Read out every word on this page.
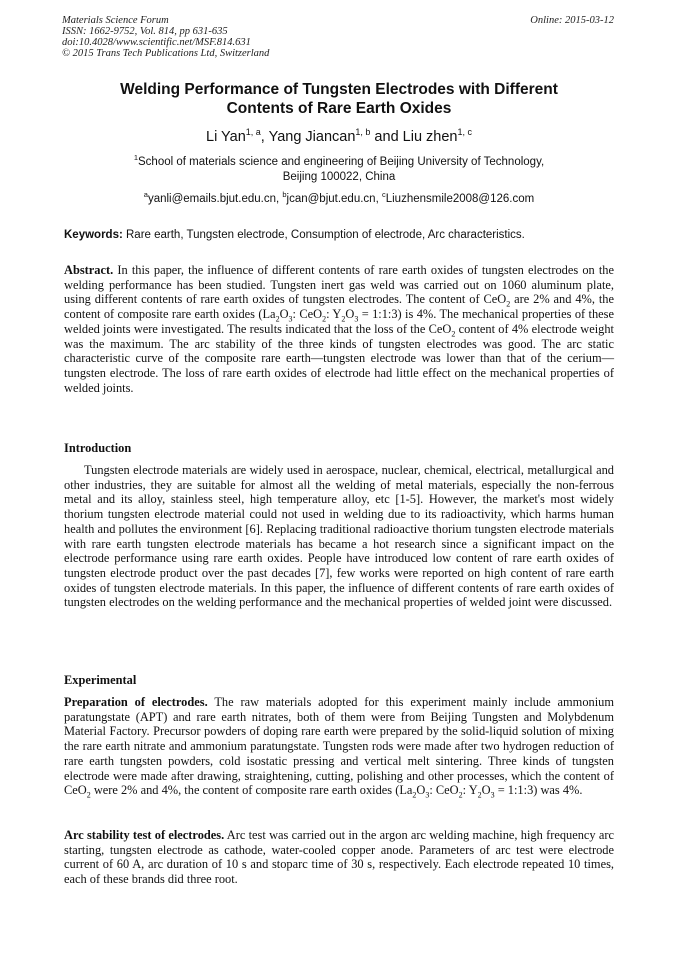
Materials Science Forum
ISSN: 1662-9752, Vol. 814, pp 631-635
doi:10.4028/www.scientific.net/MSF.814.631
© 2015 Trans Tech Publications Ltd, Switzerland
Online: 2015-03-12
Welding Performance of Tungsten Electrodes with Different
Contents of Rare Earth Oxides
Li Yan$^{1, a}$, Yang Jiancan$^{1, b}$ and Liu zhen$^{1, c}$
$^1$School of materials science and engineering of Beijing University of Technology,
Beijing 100022, China
$^a$yanli@emails.bjut.edu.cn, $^b$jcan@bjut.edu.cn, $^c$Liuzhensmile2008@126.com
Keywords: Rare earth, Tungsten electrode, Consumption of electrode, Arc characteristics.

Abstract. In this paper, the influence of different contents of rare earth oxides of tungsten electrodes on the welding performance has been studied. Tungsten inert gas weld was carried out on 1060 aluminum plate, using different contents of rare earth oxides of tungsten electrodes. The content of CeO$_2$ are 2% and 4%, the content of composite rare earth oxides ($La_2O_3$: CeO$_2$: $Y_2O_3$ = 1:1:3) is 4%. The mechanical properties of these welded joints were investigated. The results indicated that the loss of the CeO$_2$ content of 4% electrode weight was the maximum. The arc stability of the three kinds of tungsten electrodes was good. The arc static characteristic curve of the composite rare earth—tungsten electrode was lower than that of the cerium—tungsten electrode. The loss of rare earth oxides of electrode had little effect on the mechanical properties of welded joints.

Introduction

Tungsten electrode materials are widely used in aerospace, nuclear, chemical, electrical, metallurgical and other industries, they are suitable for almost all the welding of metal materials, especially the non-ferrous metal and its alloy, stainless steel, high temperature alloy, etc [1-5]. However, the market's most widely thorium tungsten electrode material could not used in welding due to its radioactivity, which harms human health and pollutes the environment [6]. Replacing traditional radioactive thorium tungsten electrode materials with rare earth tungsten electrode materials has became a hot research since a significant impact on the electrode performance using rare earth oxides. People have introduced low content of rare earth oxides of tungsten electrode product over the past decades [7], few works were reported on high content of rare earth oxides of tungsten electrode materials. In this paper, the influence of different contents of rare earth oxides of tungsten electrodes on the welding performance and the mechanical properties of welded joint were discussed.

Experimental

Preparation of electrodes. The raw materials adopted for this experiment mainly include ammonium paratungstate (APT) and rare earth nitrates, both of them were from Beijing Tungsten and Molybdenum Material Factory. Precursor powders of doping rare earth were prepared by the solid-liquid solution of mixing the rare earth nitrate and ammonium paratungstate. Tungsten rods were made after two hydrogen reduction of rare earth tungsten powders, cold isostatic pressing and vertical melt sintering. Three kinds of tungsten electrode were made after drawing, straightening, cutting, polishing and other processes, which the content of CeO$_2$ were 2% and 4%, the content of composite rare earth oxides ($La_2O_3$: CeO$_2$: $Y_2O_3$ = 1:1:3) was 4%.

Arc stability test of electrodes. Arc test was carried out in the argon arc welding machine, high frequency arc starting, tungsten electrode as cathode, water-cooled copper anode. Parameters of arc test were electrode current of 60 A, arc duration of 10 s and stoparc time of 30 s, respectively. Each electrode repeated 10 times, each of these brands did three root.
